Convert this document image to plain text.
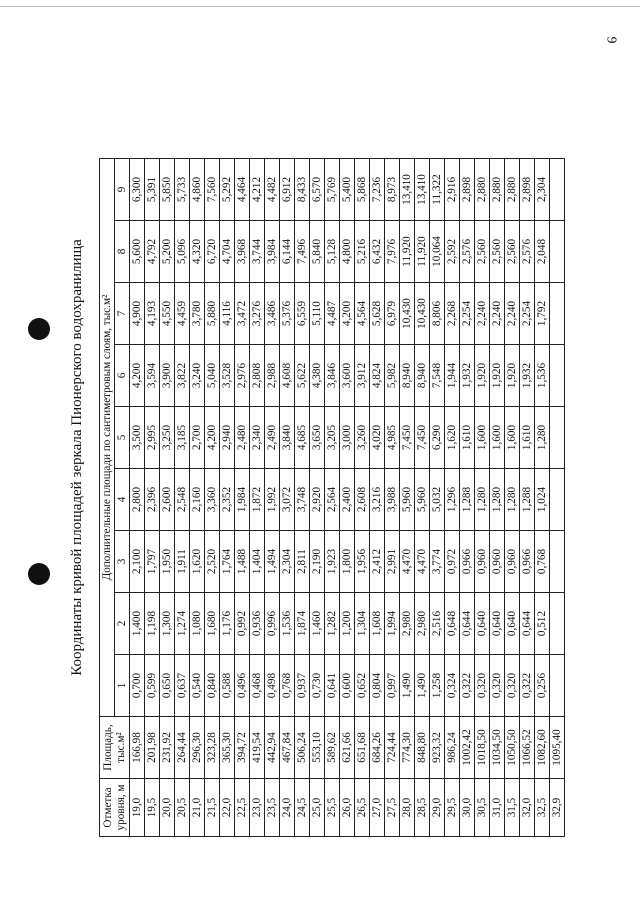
9
Координаты кривой площадей зеркала Пионерского водохранилища
Отметка уровня, м	Площадь, тыс.м²	Дополнительные площади по сантиметровым слоям, тыс.м²								
		1	2	3	4	5	6	7	8	9
19,0	166,98	0,700	1,400	2,100	2,800	3,500	4,200	4,900	5,600	6,300
19,5	201,98	0,599	1,198	1,797	2,396	2,995	3,594	4,193	4,792	5,391
20,0	231,92	0,650	1,300	1,950	2,600	3,250	3,900	4,550	5,200	5,850
20,5	264,44	0,637	1,274	1,911	2,548	3,185	3,822	4,459	5,096	5,733
21,0	296,30	0,540	1,080	1,620	2,160	2,700	3,240	3,780	4,320	4,860
21,5	323,28	0,840	1,680	2,520	3,360	4,200	5,040	5,880	6,720	7,560
22,0	365,30	0,588	1,176	1,764	2,352	2,940	3,528	4,116	4,704	5,292
22,5	394,72	0,496	0,992	1,488	1,984	2,480	2,976	3,472	3,968	4,464
23,0	419,54	0,468	0,936	1,404	1,872	2,340	2,808	3,276	3,744	4,212
23,5	442,94	0,498	0,996	1,494	1,992	2,490	2,988	3,486	3,984	4,482
24,0	467,84	0,768	1,536	2,304	3,072	3,840	4,608	5,376	6,144	6,912
24,5	506,24	0,937	1,874	2,811	3,748	4,685	5,622	6,559	7,496	8,433
25,0	553,10	0,730	1,460	2,190	2,920	3,650	4,380	5,110	5,840	6,570
25,5	589,62	0,641	1,282	1,923	2,564	3,205	3,846	4,487	5,128	5,769
26,0	621,66	0,600	1,200	1,800	2,400	3,000	3,600	4,200	4,800	5,400
26,5	651,68	0,652	1,304	1,956	2,608	3,260	3,912	4,564	5,216	5,868
27,0	684,26	0,804	1,608	2,412	3,216	4,020	4,824	5,628	6,432	7,236
27,5	724,44	0,997	1,994	2,991	3,988	4,985	5,982	6,979	7,976	8,973
28,0	774,30	1,490	2,980	4,470	5,960	7,450	8,940	10,430	11,920	13,410
28,5	848,80	1,490	2,980	4,470	5,960	7,450	8,940	10,430	11,920	13,410
29,0	923,32	1,258	2,516	3,774	5,032	6,290	7,548	8,806	10,064	11,322
29,5	986,24	0,324	0,648	0,972	1,296	1,620	1,944	2,268	2,592	2,916
30,0	1002,42	0,322	0,644	0,966	1,288	1,610	1,932	2,254	2,576	2,898
30,5	1018,50	0,320	0,640	0,960	1,280	1,600	1,920	2,240	2,560	2,880
31,0	1034,50	0,320	0,640	0,960	1,280	1,600	1,920	2,240	2,560	2,880
31,5	1050,50	0,320	0,640	0,960	1,280	1,600	1,920	2,240	2,560	2,880
32,0	1066,52	0,322	0,644	0,966	1,288	1,610	1,932	2,254	2,576	2,898
32,5	1082,60	0,256	0,512	0,768	1,024	1,280	1,536	1,792	2,048	2,304
32,9	1095,40									
